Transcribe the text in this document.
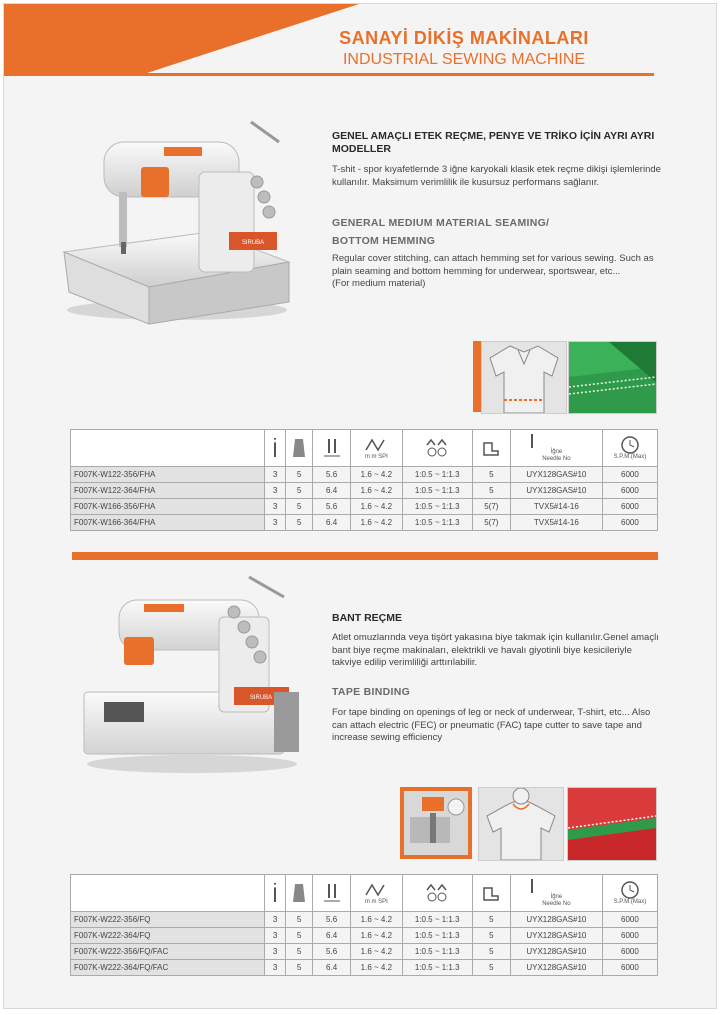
SANAYİ DİKİŞ MAKİNALARI
INDUSTRIAL SEWING MACHINE
SIRUBA
GENEL AMAÇLI ETEK REÇME, PENYE VE TRİKO İÇİN AYRI AYRI MODELLER
T-shit - spor kıyafetlernde 3 iğne karyokali klasik etek reçme dikişi işlemlerinde kullanılır. Maksimum verimlilik ile kusursuz performans sağlanır.
GENERAL MEDIUM MATERIAL SEAMING/
BOTTOM HEMMING
Regular cover stitching, can attach hemming set for various sewing. Such as plain seaming and bottom hemming for underwear, sportswear, etc...
(For medium material)

m m SPI			İğne
Needle No	S.P.M.(Max)

F007K-W122-356/FHA	3	5	5.6	1.6 ~ 4.2	1:0.5 ~ 1:1.3	5	UYX128GAS#10	6000
F007K-W122-364/FHA	3	5	6.4	1.6 ~ 4.2	1:0.5 ~ 1:1.3	5	UYX128GAS#10	6000
F007K-W166-356/FHA	3	5	5.6	1.6 ~ 4.2	1:0.5 ~ 1:1.3	5(7)	TVX5#14-16	6000
F007K-W166-364/FHA	3	5	6.4	1.6 ~ 4.2	1:0.5 ~ 1:1.3	5(7)	TVX5#14-16	6000
SIRUBA
BANT REÇME
Atlet omuzlarında veya tişört yakasına biye takmak için kullanılır.Genel amaçlı bant biye reçme makinaları, elektrikli ve havalı giyotinli biye kesicileriyle takviye edilip verimliliği arttırılabilir.
TAPE BINDING
For tape binding on openings of leg or neck of underwear, T-shirt, etc... Also can attach electric (FEC) or pneumatic (FAC) tape cutter to save tape and increase sewing efficiency

m m SPI			İğne
Needle No	S.P.M.(Max)

F007K-W222-356/FQ	3	5	5.6	1.6 ~ 4.2	1:0.5 ~ 1:1.3	5	UYX128GAS#10	6000
F007K-W222-364/FQ	3	5	6.4	1.6 ~ 4.2	1:0.5 ~ 1:1.3	5	UYX128GAS#10	6000
F007K-W222-356/FQ/FAC	3	5	5.6	1.6 ~ 4.2	1:0.5 ~ 1:1.3	5	UYX128GAS#10	6000
F007K-W222-364/FQ/FAC	3	5	6.4	1.6 ~ 4.2	1:0.5 ~ 1:1.3	5	UYX128GAS#10	6000
